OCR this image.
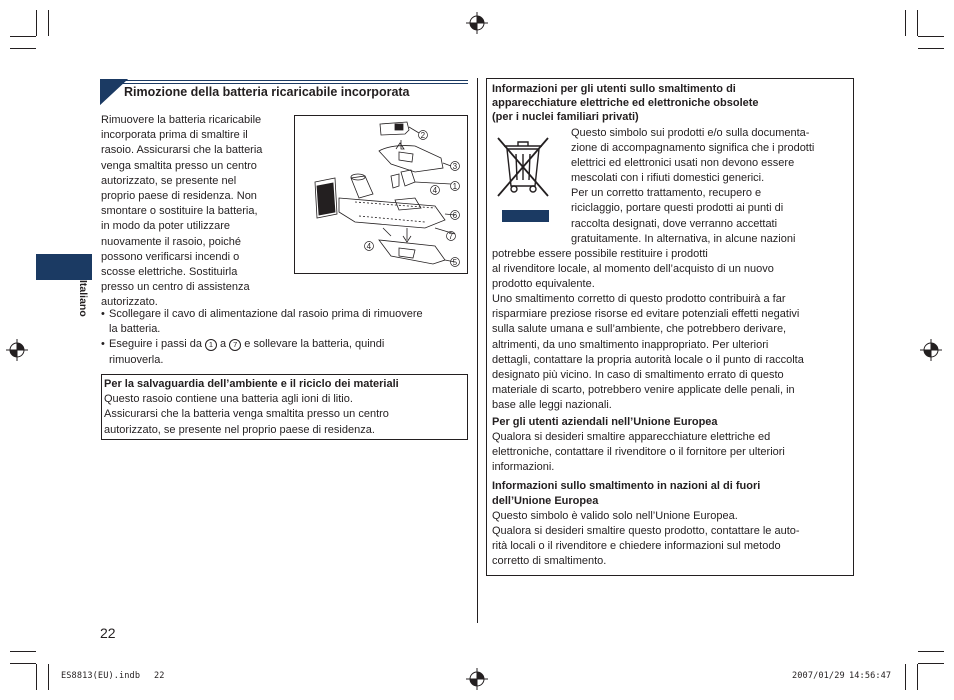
Rimozione della batteria ricaricabile incorporata
Rimuovere la batteria ricaricabile
incorporata prima di smaltire il
rasoio. Assicurarsi che la batteria
venga smaltita presso un centro
autorizzato, se presente nel
proprio paese di residenza. Non
smontare o sostituire la batteria,
in modo da poter utilizzare
nuovamente il rasoio, poiché
possono verificarsi incendi o
scosse elettriche. Sostituirla
presso un centro di assistenza
autorizzato.
2
3
1
4
6
7
4
5
• Scollegare il cavo di alimentazione dal rasoio prima di rimuovere
la batteria.
• Eseguire i passi da 1 a 7 e sollevare la batteria, quindi
rimuoverla.
Per la salvaguardia dell’ambiente e il riciclo dei materiali
Questo rasoio contiene una batteria agli ioni di litio.
Assicurarsi che la batteria venga smaltita presso un centro
autorizzato, se presente nel proprio paese di residenza.
Italiano
22
Informazioni per gli utenti sullo smaltimento di
apparecchiature elettriche ed elettroniche obsolete
(per i nuclei familiari privati)
Questo simbolo sui prodotti e/o sulla documenta-
zione di accompagnamento significa che i prodotti
elettrici ed elettronici usati non devono essere
mescolati con i rifiuti domestici generici.
Per un corretto trattamento, recupero e
riciclaggio, portare questi prodotti ai punti di
raccolta designati, dove verranno accettati
gratuitamente. In alternativa, in alcune nazioni
potrebbe essere possibile restituire i prodotti
al rivenditore locale, al momento dell’acquisto di un nuovo
prodotto equivalente.
Uno smaltimento corretto di questo prodotto contribuirà a far
risparmiare preziose risorse ed evitare potenziali effetti negativi
sulla salute umana e sull’ambiente, che potrebbero derivare,
altrimenti, da uno smaltimento inappropriato. Per ulteriori
dettagli, contattare la propria autorità locale o il punto di raccolta
designato più vicino. In caso di smaltimento errato di questo
materiale di scarto, potrebbero venire applicate delle penali, in
base alle leggi nazionali.
Per gli utenti aziendali nell’Unione Europea
Qualora si desideri smaltire apparecchiature elettriche ed
elettroniche, contattare il rivenditore o il fornitore per ulteriori
informazioni.
Informazioni sullo smaltimento in nazioni al di fuori
dell’Unione Europea
Questo simbolo è valido solo nell’Unione Europea.
Qualora si desideri smaltire questo prodotto, contattare le auto-
rità locali o il rivenditore e chiedere informazioni sul metodo
corretto di smaltimento.
ES8813(EU).indb 22	2007/01/29 14:56:47
